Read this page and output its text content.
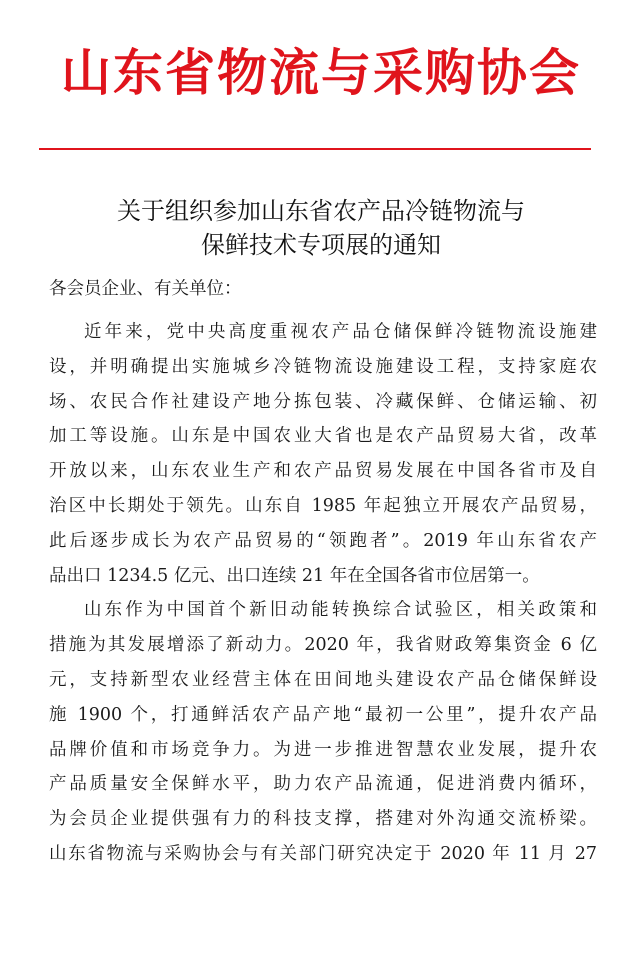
山东省物流与采购协会
关于组织参加山东省农产品冷链物流与
保鲜技术专项展的通知
各会员企业、有关单位：
近年来，党中央高度重视农产品仓储保鲜冷链物流设施建
设，并明确提出实施城乡冷链物流设施建设工程，支持家庭农
场、农民合作社建设产地分拣包装、冷藏保鲜、仓储运输、初
加工等设施。山东是中国农业大省也是农产品贸易大省，改革
开放以来，山东农业生产和农产品贸易发展在中国各省市及自
治区中长期处于领先。山东自 1985 年起独立开展农产品贸易，
此后逐步成长为农产品贸易的“领跑者”。2019 年山东省农产
品出口 1234.5 亿元、出口连续 21 年在全国各省市位居第一。
山东作为中国首个新旧动能转换综合试验区，相关政策和
措施为其发展增添了新动力。2020 年，我省财政筹集资金 6 亿
元，支持新型农业经营主体在田间地头建设农产品仓储保鲜设
施 1900 个，打通鲜活农产品产地“最初一公里”，提升农产品
品牌价值和市场竞争力。为进一步推进智慧农业发展，提升农
产品质量安全保鲜水平，助力农产品流通，促进消费内循环，
为会员企业提供强有力的科技支撑，搭建对外沟通交流桥梁。
山东省物流与采购协会与有关部门研究决定于 2020 年 11 月 27
